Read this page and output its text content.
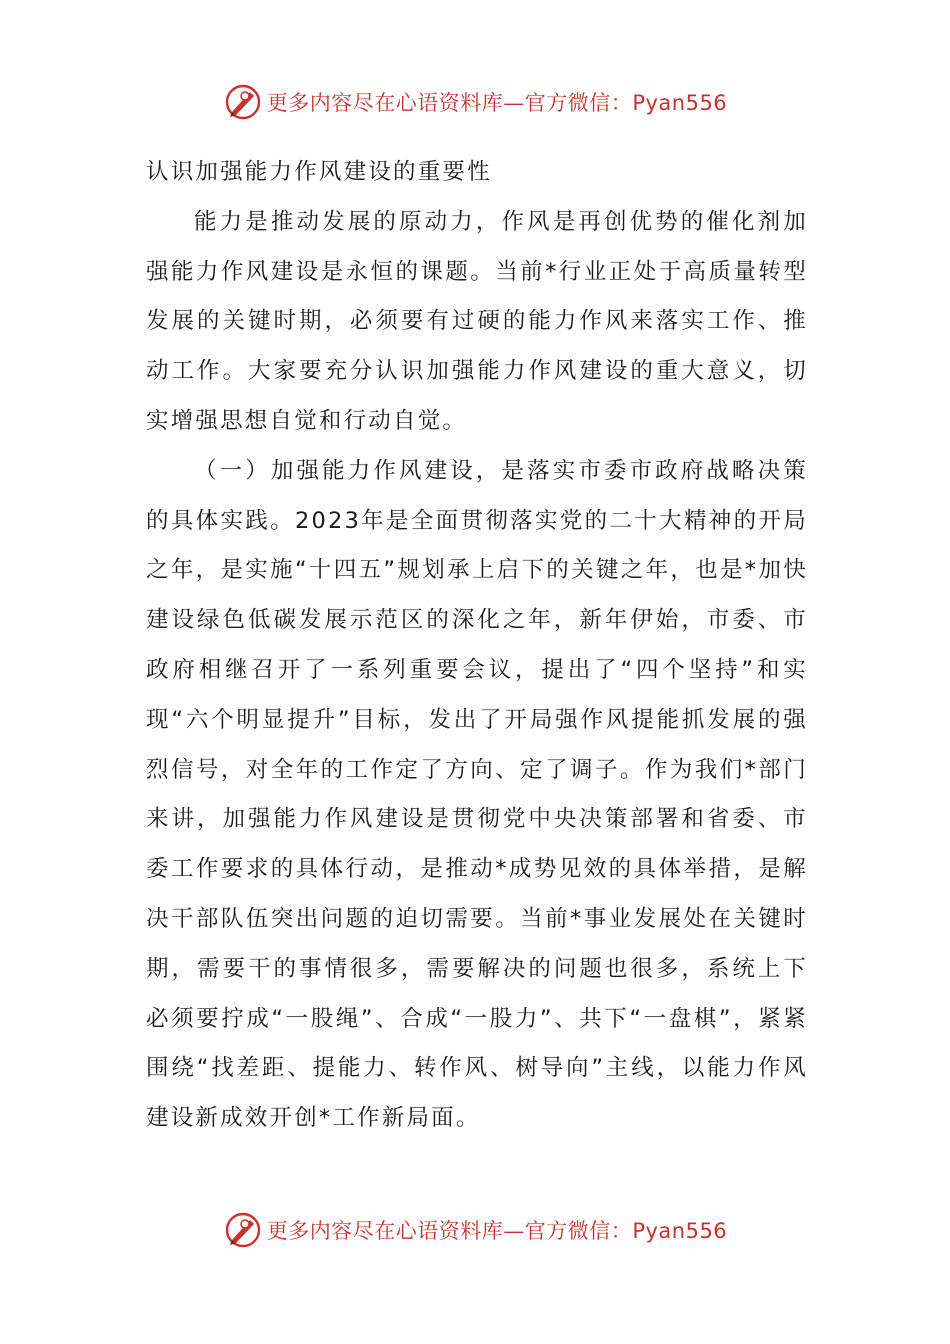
更多内容尽在心语资料库—官方微信：Pyan556

认识加强能力作风建设的重要性

能力是推动发展的原动力，作风是再创优势的催化剂加强能力作风建设是永恒的课题。当前*行业正处于高质量转型发展的关键时期，必须要有过硬的能力作风来落实工作、推动工作。大家要充分认识加强能力作风建设的重大意义，切实增强思想自觉和行动自觉。

（一）加强能力作风建设，是落实市委市政府战略决策的具体实践。2023年是全面贯彻落实党的二十大精神的开局之年，是实施“十四五”规划承上启下的关键之年，也是*加快建设绿色低碳发展示范区的深化之年，新年伊始，市委、市政府相继召开了一系列重要会议，提出了“四个坚持”和实现“六个明显提升”目标，发出了开局强作风提能抓发展的强烈信号，对全年的工作定了方向、定了调子。作为我们*部门来讲，加强能力作风建设是贯彻党中央决策部署和省委、市委工作要求的具体行动，是推动*成势见效的具体举措，是解决干部队伍突出问题的迫切需要。当前*事业发展处在关键时期，需要干的事情很多，需要解决的问题也很多，系统上下必须要拧成“一股绳”、合成“一股力”、共下“一盘棋”，紧紧围绕“找差距、提能力、转作风、树导向”主线，以能力作风建设新成效开创*工作新局面。

更多内容尽在心语资料库—官方微信：Pyan556
